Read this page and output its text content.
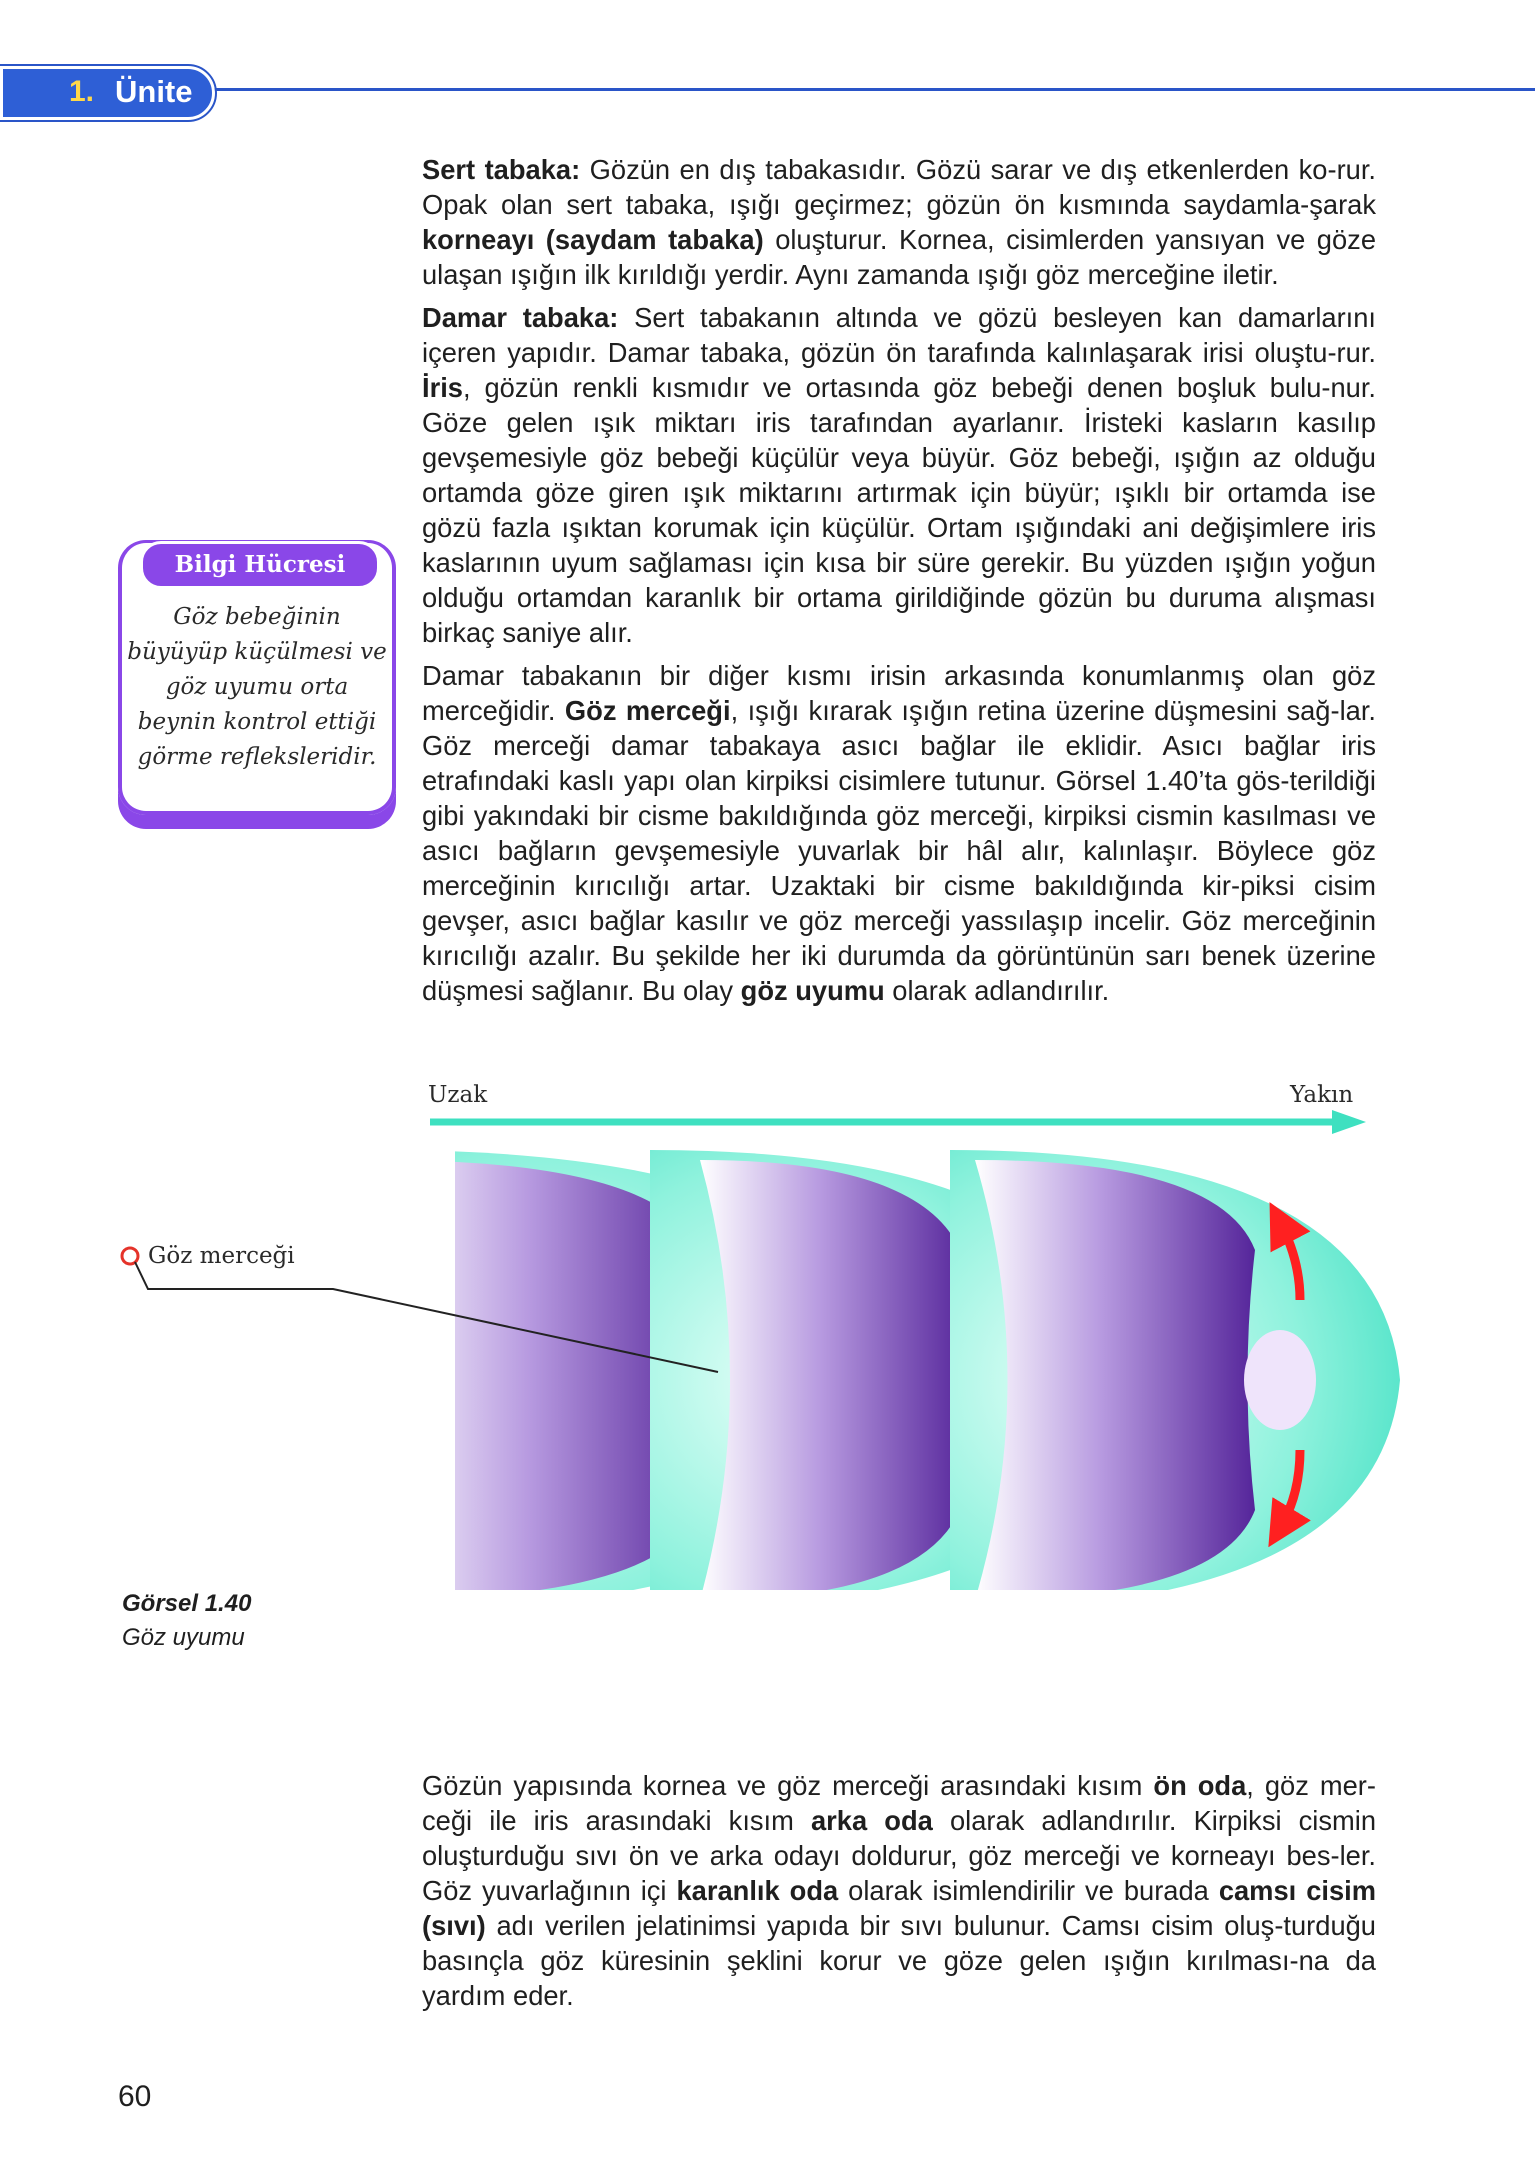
1. Ünite

Sert tabaka: Gözün en dış tabakasıdır. Gözü sarar ve dış etkenlerden ko-rur. Opak olan sert tabaka, ışığı geçirmez; gözün ön kısmında saydamla-şarak korneayı (saydam tabaka) oluşturur. Kornea, cisimlerden yansıyan ve göze ulaşan ışığın ilk kırıldığı yerdir. Aynı zamanda ışığı göz merceğine iletir.

Damar tabaka: Sert tabakanın altında ve gözü besleyen kan damarlarını içeren yapıdır. Damar tabaka, gözün ön tarafında kalınlaşarak irisi oluştu-rur. İris, gözün renkli kısmıdır ve ortasında göz bebeği denen boşluk bulu-nur. Göze gelen ışık miktarı iris tarafından ayarlanır. İristeki kasların kasılıp gevşemesiyle göz bebeği küçülür veya büyür. Göz bebeği, ışığın az olduğu ortamda göze giren ışık miktarını artırmak için büyür; ışıklı bir ortamda ise gözü fazla ışıktan korumak için küçülür. Ortam ışığındaki ani değişimlere iris kaslarının uyum sağlaması için kısa bir süre gerekir. Bu yüzden ışığın yoğun olduğu ortamdan karanlık bir ortama girildiğinde gözün bu duruma alışması birkaç saniye alır.

Damar tabakanın bir diğer kısmı irisin arkasında konumlanmış olan göz merceğidir. Göz merceği, ışığı kırarak ışığın retina üzerine düşmesini sağ-lar. Göz merceği damar tabakaya asıcı bağlar ile eklidir. Asıcı bağlar iris etrafındaki kaslı yapı olan kirpiksi cisimlere tutunur. Görsel 1.40’ta gös-terildiği gibi yakındaki bir cisme bakıldığında göz merceği, kirpiksi cismin kasılması ve asıcı bağların gevşemesiyle yuvarlak bir hâl alır, kalınlaşır. Böylece göz merceğinin kırıcılığı artar. Uzaktaki bir cisme bakıldığında kir-piksi cisim gevşer, asıcı bağlar kasılır ve göz merceği yassılaşıp incelir. Göz merceğinin kırıcılığı azalır. Bu şekilde her iki durumda da görüntünün sarı benek üzerine düşmesi sağlanır. Bu olay göz uyumu olarak adlandırılır.

Bilgi Hücresi
Göz bebeğinin büyüyüp küçülmesi ve göz uyumu orta beynin kontrol ettiği görme refleksleridir.
Uzak	Yakın
Göz merceği
Görsel 1.40
Göz uyumu

Gözün yapısında kornea ve göz merceği arasındaki kısım ön oda, göz mer-ceği ile iris arasındaki kısım arka oda olarak adlandırılır. Kirpiksi cismin oluşturduğu sıvı ön ve arka odayı doldurur, göz merceği ve korneayı bes-ler. Göz yuvarlağının içi karanlık oda olarak isimlendirilir ve burada camsı cisim (sıvı) adı verilen jelatinimsi yapıda bir sıvı bulunur. Camsı cisim oluş-turduğu basınçla göz küresinin şeklini korur ve göze gelen ışığın kırılması-na da yardım eder.

60
